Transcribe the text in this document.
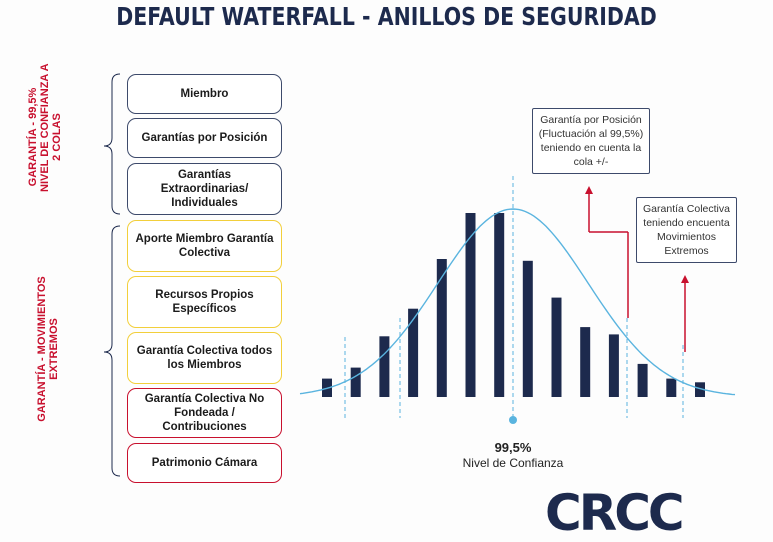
DEFAULT WATERFALL - ANILLOS DE SEGURIDAD
GARANTÍA - 99,5% NIVEL DE CONFIANZA A 2 COLAS
GARANTÍA - MOVIMIENTOS EXTREMOS
Miembro
Garantías por Posición
Garantías Extraordinarias/ Individuales
Aporte Miembro Garantía Colectiva
Recursos Propios Específicos
Garantía Colectiva todos los Miembros
Garantía Colectiva No Fondeada / Contribuciones
Patrimonio Cámara
Garantía por Posición (Fluctuación al 99,5%) teniendo en cuenta la cola +/-
Garantía Colectiva teniendo encuenta Movimientos Extremos
99,5%
Nivel de Confianza
CRCC
